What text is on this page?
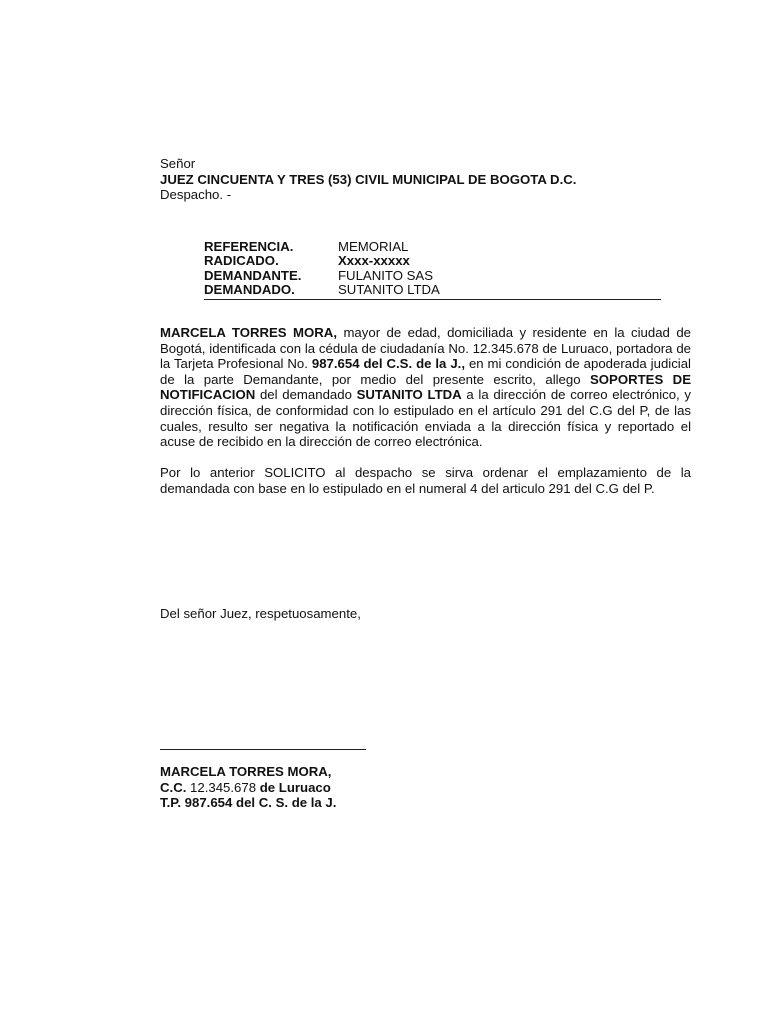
Señor
JUEZ CINCUENTA Y TRES (53) CIVIL MUNICIPAL DE BOGOTA D.C.
Despacho. -
REFERENCIA.	MEMORIAL
RADICADO.	Xxxx-xxxxx
DEMANDANTE.	FULANITO SAS
DEMANDADO.	SUTANITO LTDA
MARCELA TORRES MORA, mayor de edad, domiciliada y residente en la ciudad de Bogotá, identificada con la cédula de ciudadanía No. 12.345.678 de Luruaco, portadora de la Tarjeta Profesional No. 987.654 del C.S. de la J., en mi condición de apoderada judicial de la parte Demandante, por medio del presente escrito, allego SOPORTES DE NOTIFICACION del demandado SUTANITO LTDA a la dirección de correo electrónico, y dirección física, de conformidad con lo estipulado en el artículo 291 del C.G del P, de las cuales, resulto ser negativa la notificación enviada a la dirección física y reportado el acuse de recibido en la dirección de correo electrónica.
Por lo anterior SOLICITO al despacho se sirva ordenar el emplazamiento de la demandada con base en lo estipulado en el numeral 4 del articulo 291 del C.G del P.
Del señor Juez, respetuosamente,
MARCELA TORRES MORA,
C.C. 12.345.678 de Luruaco
T.P. 987.654 del C. S. de la J.
